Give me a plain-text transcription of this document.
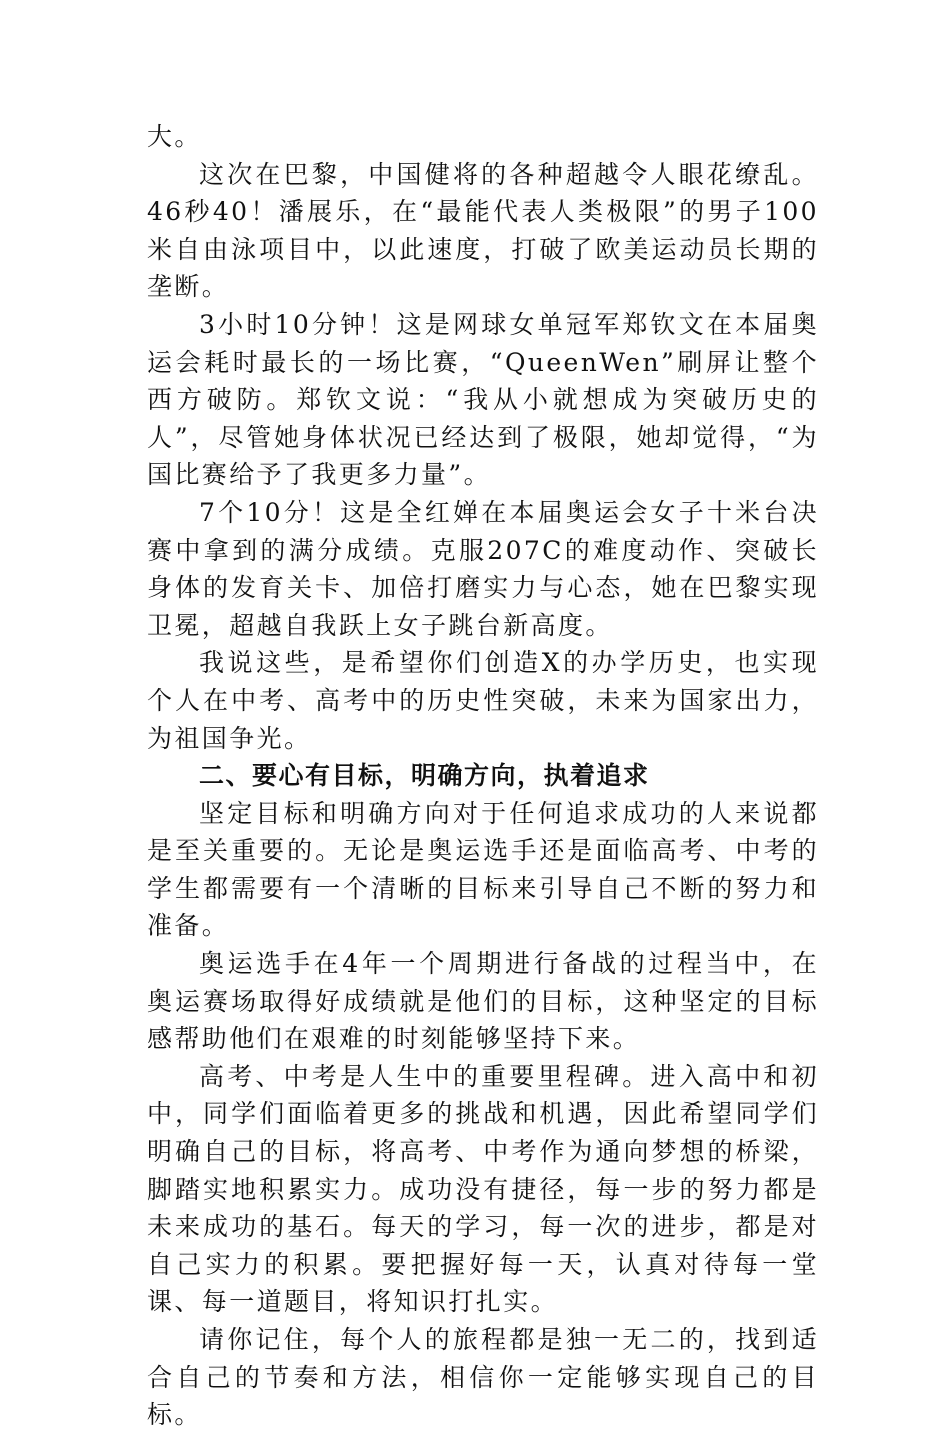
大。

这次在巴黎，中国健将的各种超越令人眼花缭乱。46秒40！潘展乐，在“最能代表人类极限”的男子100米自由泳项目中，以此速度，打破了欧美运动员长期的垄断。

3小时10分钟！这是网球女单冠军郑钦文在本届奥运会耗时最长的一场比赛，“QueenWen”刷屏让整个西方破防。郑钦文说：“我从小就想成为突破历史的人”，尽管她身体状况已经达到了极限，她却觉得，“为国比赛给予了我更多力量”。

7个10分！这是全红婵在本届奥运会女子十米台决赛中拿到的满分成绩。克服207C的难度动作、突破长身体的发育关卡、加倍打磨实力与心态，她在巴黎实现卫冕，超越自我跃上女子跳台新高度。

我说这些，是希望你们创造X的办学历史，也实现个人在中考、高考中的历史性突破，未来为国家出力，为祖国争光。

二、要心有目标，明确方向，执着追求

坚定目标和明确方向对于任何追求成功的人来说都是至关重要的。无论是奥运选手还是面临高考、中考的学生都需要有一个清晰的目标来引导自己不断的努力和准备。

奥运选手在4年一个周期进行备战的过程当中，在奥运赛场取得好成绩就是他们的目标，这种坚定的目标感帮助他们在艰难的时刻能够坚持下来。

高考、中考是人生中的重要里程碑。进入高中和初中，同学们面临着更多的挑战和机遇，因此希望同学们明确自己的目标，将高考、中考作为通向梦想的桥梁，脚踏实地积累实力。成功没有捷径，每一步的努力都是未来成功的基石。每天的学习，每一次的进步，都是对自己实力的积累。要把握好每一天，认真对待每一堂课、每一道题目，将知识打扎实。

请你记住，每个人的旅程都是独一无二的，找到适合自己的节奏和方法，相信你一定能够实现自己的目标。
